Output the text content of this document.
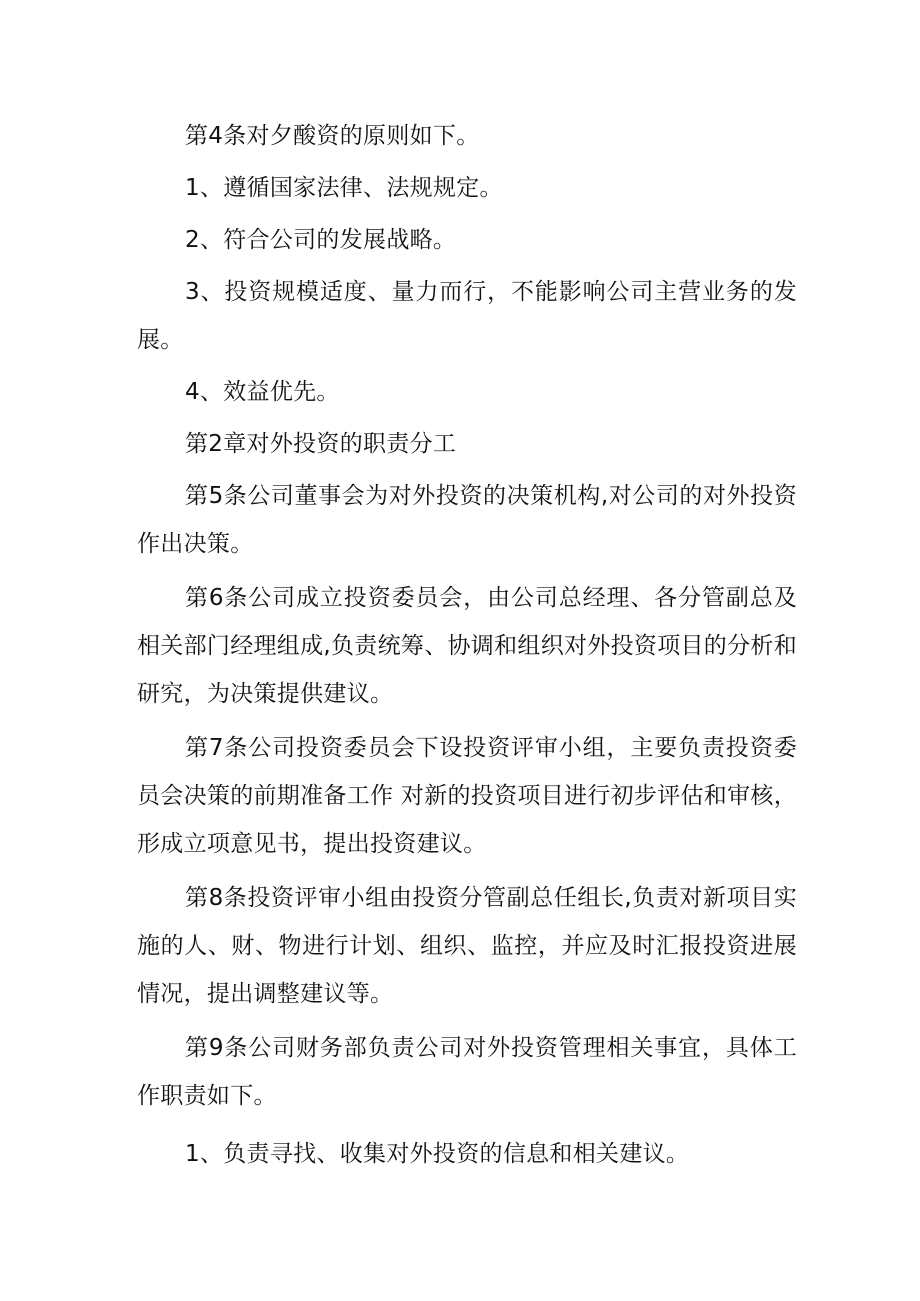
第4条对夕酸资的原则如下。

1、遵循国家法律、法规规定。

2、符合公司的发展战略。

3、投资规模适度、量力而行，不能影响公司主营业务的发展。

4、效益优先。

第2章对外投资的职责分工

第5条公司董事会为对外投资的决策机构,对公司的对外投资作出决策。

第6条公司成立投资委员会，由公司总经理、各分管副总及相关部门经理组成,负责统筹、协调和组织对外投资项目的分析和研究，为决策提供建议。

第7条公司投资委员会下设投资评审小组，主要负责投资委员会决策的前期准备工作 对新的投资项目进行初步评估和审核，形成立项意见书，提出投资建议。

第8条投资评审小组由投资分管副总任组长,负责对新项目实施的人、财、物进行计划、组织、监控，并应及时汇报投资进展情况，提出调整建议等。

第9条公司财务部负责公司对外投资管理相关事宜，具体工作职责如下。

1、负责寻找、收集对外投资的信息和相关建议。
